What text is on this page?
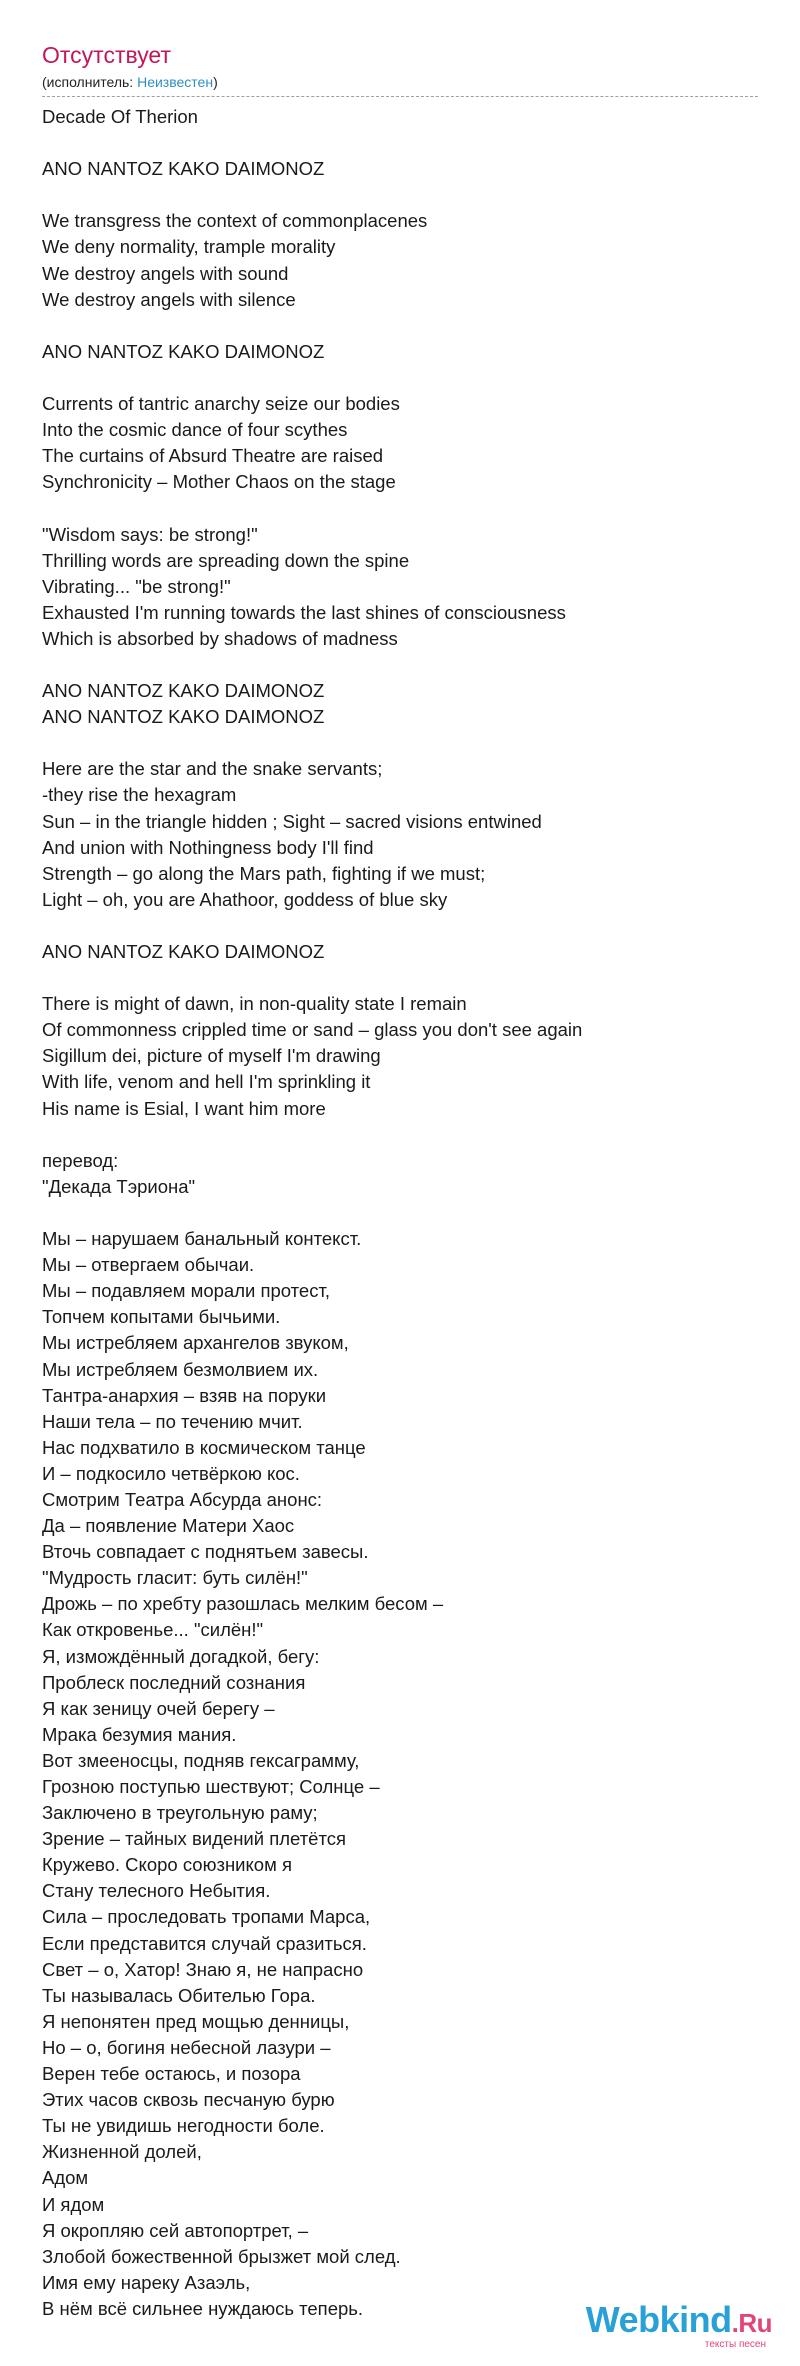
Отсутствует
(исполнитель: Неизвестен)
Decade Of Therion
ANO NANTOZ KAKO DAIMONOZ
We transgress the context of commonplacenes
We deny normality, trample morality
We destroy angels with sound
We destroy angels with silence
ANO NANTOZ KAKO DAIMONOZ
Currents of tantric anarchy seize our bodies
Into the cosmic dance of four scythes
The curtains of Absurd Theatre are raised
Synchronicity – Mother Chaos on the stage
"Wisdom says: be strong!"
Thrilling words are spreading down the spine
Vibrating... "be strong!"
Exhausted I'm running towards the last shines of consciousness
Which is absorbed by shadows of madness
ANO NANTOZ KAKO DAIMONOZ
ANO NANTOZ KAKO DAIMONOZ
Here are the star and the snake servants;
-they rise the hexagram
Sun – in the triangle hidden ; Sight – sacred visions entwined
And union with Nothingness body I'll find
Strength – go along the Mars path, fighting if we must;
Light – oh, you are Ahathoor, goddess of blue sky
ANO NANTOZ KAKO DAIMONOZ
There is might of dawn, in non-quality state I remain
Of commonness crippled time or sand – glass you don't see again
Sigillum dei, picture of myself I'm drawing
With life, venom and hell I'm sprinkling it
His name is Esial, I want him more
перевод:
"Декада Тэриона"
Мы – нарушаем банальный контекст.
Мы – отвергаем обычаи.
Мы – подавляем морали протест,
Топчем копытами бычьими.
Мы истребляем архангелов звуком,
Мы истребляем безмолвием их.
Тантра-анархия – взяв на поруки
Наши тела – по течению мчит.
Нас подхватило в космическом танце
И – подкосило четвёркою кос.
Смотрим Театра Абсурда анонс:
Да – появление Матери Хаос
Вточь совпадает с поднятьем завесы.
"Мудрость гласит: буть силён!"
Дрожь – по хребту разошлась мелким бесом –
Как откровенье... "силён!"
Я, измождённый догадкой, бегу:
Проблеск последний сознания
Я как зеницу очей берегу –
Мрака безумия мания.
Вот змееносцы, подняв гексаграмму,
Грозною поступью шествуют; Солнце –
Заключено в треугольную раму;
Зрение – тайных видений плетётся
Кружево. Скоро союзником я
Стану телесного Небытия.
Сила – проследовать тропами Марса,
Если представится случай сразиться.
Свет – о, Хатор! Знаю я, не напрасно
Ты называлась Обителью Гора.
Я непонятен пред мощью денницы,
Но – о, богиня небесной лазури –
Верен тебе остаюсь, и позора
Этих часов сквозь песчаную бурю
Ты не увидишь негодности боле.
Жизненной долей,
Адом
И ядом
Я окропляю сей автопортрет, –
Злобой божественной брызжет мой след.
Имя ему нареку Азаэль,
В нём всё сильнее нуждаюсь теперь.	Webkind.Ru
тексты песен
